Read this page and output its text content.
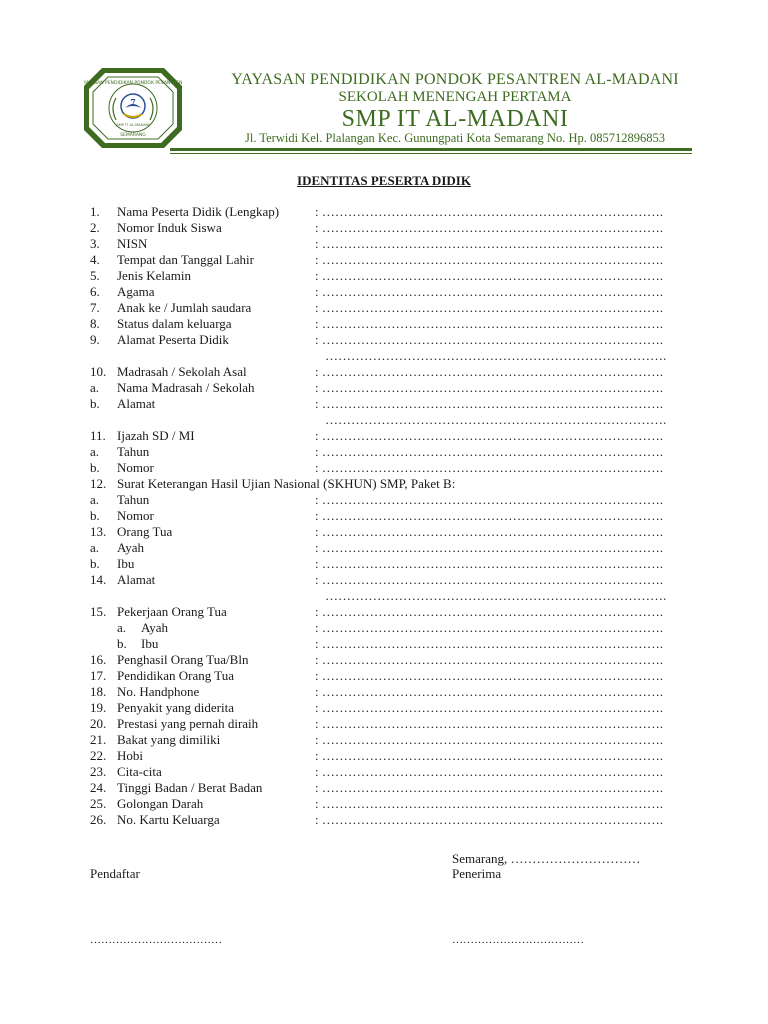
7
YAYASAN PENDIDIKAN PONDOK PESANTREN
SMP IT AL-MADANI
SEMARANG
YAYASAN PENDIDIKAN PONDOK PESANTREN AL-MADANI
SEKOLAH MENENGAH PERTAMA
SMP IT AL-MADANI
Jl. Terwidi Kel. Plalangan Kec. Gunungpati Kota Semarang No. Hp. 085712896853
IDENTITAS PESERTA DIDIK
1. Nama Peserta Didik (Lengkap)	: …………………………………………………………………….
2. Nomor Induk Siswa	: …………………………………………………………………….
3. NISN	: …………………………………………………………………….
4. Tempat dan Tanggal Lahir	: …………………………………………………………………….
5. Jenis Kelamin	: …………………………………………………………………….
6. Agama	: …………………………………………………………………….
7. Anak ke / Jumlah saudara	: …………………………………………………………………….
8. Status dalam keluarga	: …………………………………………………………………….
9. Alamat Peserta Didik	: …………………………………………………………………….
…………………………………………………………………….
10. Madrasah / Sekolah Asal	: …………………………………………………………………….
a. Nama Madrasah / Sekolah	: …………………………………………………………………….
b. Alamat	: …………………………………………………………………….
…………………………………………………………………….
11. Ijazah SD / MI	: …………………………………………………………………….
a. Tahun	: …………………………………………………………………….
b. Nomor	: …………………………………………………………………….
12. Surat Keterangan Hasil Ujian Nasional (SKHUN) SMP, Paket B:
a. Tahun	: …………………………………………………………………….
b. Nomor	: …………………………………………………………………….
13. Orang Tua	: …………………………………………………………………….
a. Ayah	: …………………………………………………………………….
b. Ibu	: …………………………………………………………………….
14. Alamat	: …………………………………………………………………….
…………………………………………………………………….
15. Pekerjaan Orang Tua	: …………………………………………………………………….
a. Ayah	: …………………………………………………………………….
b. Ibu	: …………………………………………………………………….
16. Penghasil Orang Tua/Bln	: …………………………………………………………………….
17. Pendidikan Orang Tua	: …………………………………………………………………….
18. No. Handphone	: …………………………………………………………………….
19. Penyakit yang diderita	: …………………………………………………………………….
20. Prestasi yang pernah diraih	: …………………………………………………………………….
21. Bakat yang dimiliki	: …………………………………………………………………….
22. Hobi	: …………………………………………………………………….
23. Cita-cita	: …………………………………………………………………….
24. Tinggi Badan / Berat Badan	: …………………………………………………………………….
25. Golongan Darah	: …………………………………………………………………….
26. No. Kartu Keluarga	: …………………………………………………………………….
Semarang, …………………………
Pendaftar	Penerima
………………………………	………………………………
